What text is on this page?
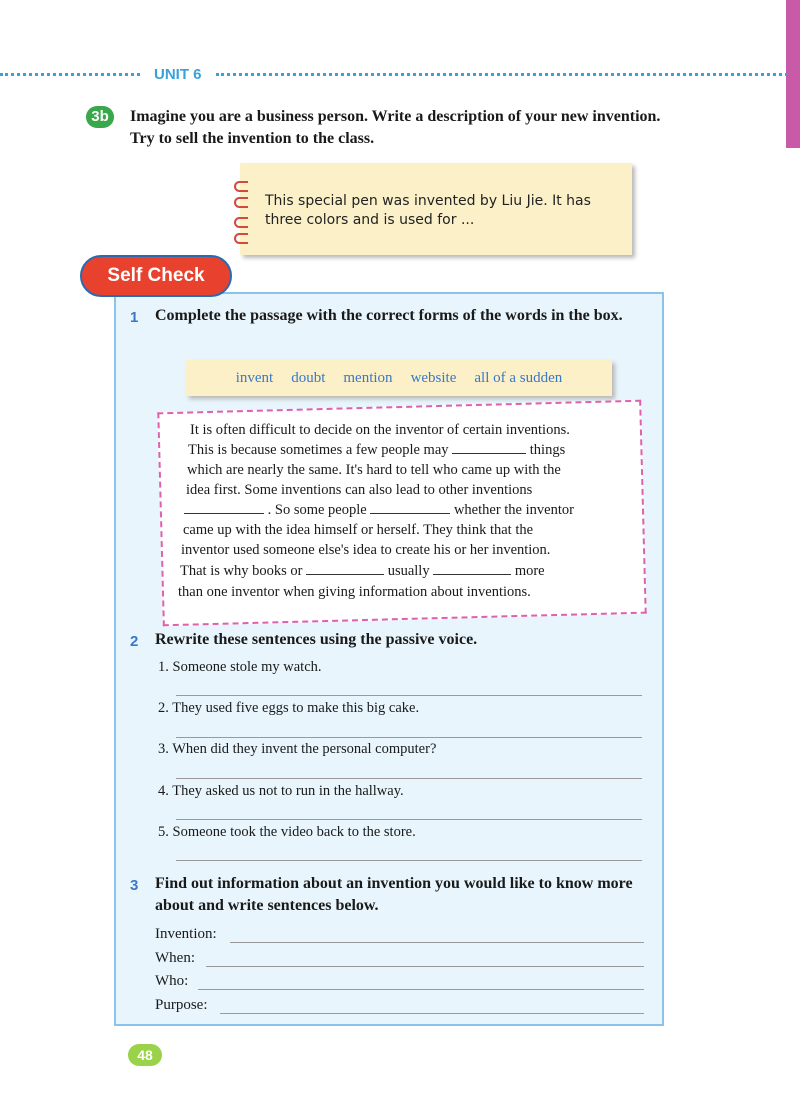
UNIT 6
3b	Imagine you are a business person. Write a description of your new invention. Try to sell the invention to the class.
This special pen was invented by Liu Jie. It has three colors and is used for ...
Self Check
1 Complete the passage with the correct forms of the words in the box.
invent doubt mention website all of a sudden
It is often difficult to decide on the inventor of certain inventions.
This is because sometimes a few people may	things
which are nearly the same. It's hard to tell who came up with the
idea first. Some inventions can also lead to other inventions
. So some people	whether the inventor
came up with the idea himself or herself. They think that the
inventor used someone else's idea to create his or her invention.
That is why books or	usually	more
than one inventor when giving information about inventions.
2 Rewrite these sentences using the passive voice.
1. Someone stole my watch.
2. They used five eggs to make this big cake.
3. When did they invent the personal computer?
4. They asked us not to run in the hallway.
5. Someone took the video back to the store.
3 Find out information about an invention you would like to know more about and write sentences below.
Invention:
When:
Who:
Purpose:
48
